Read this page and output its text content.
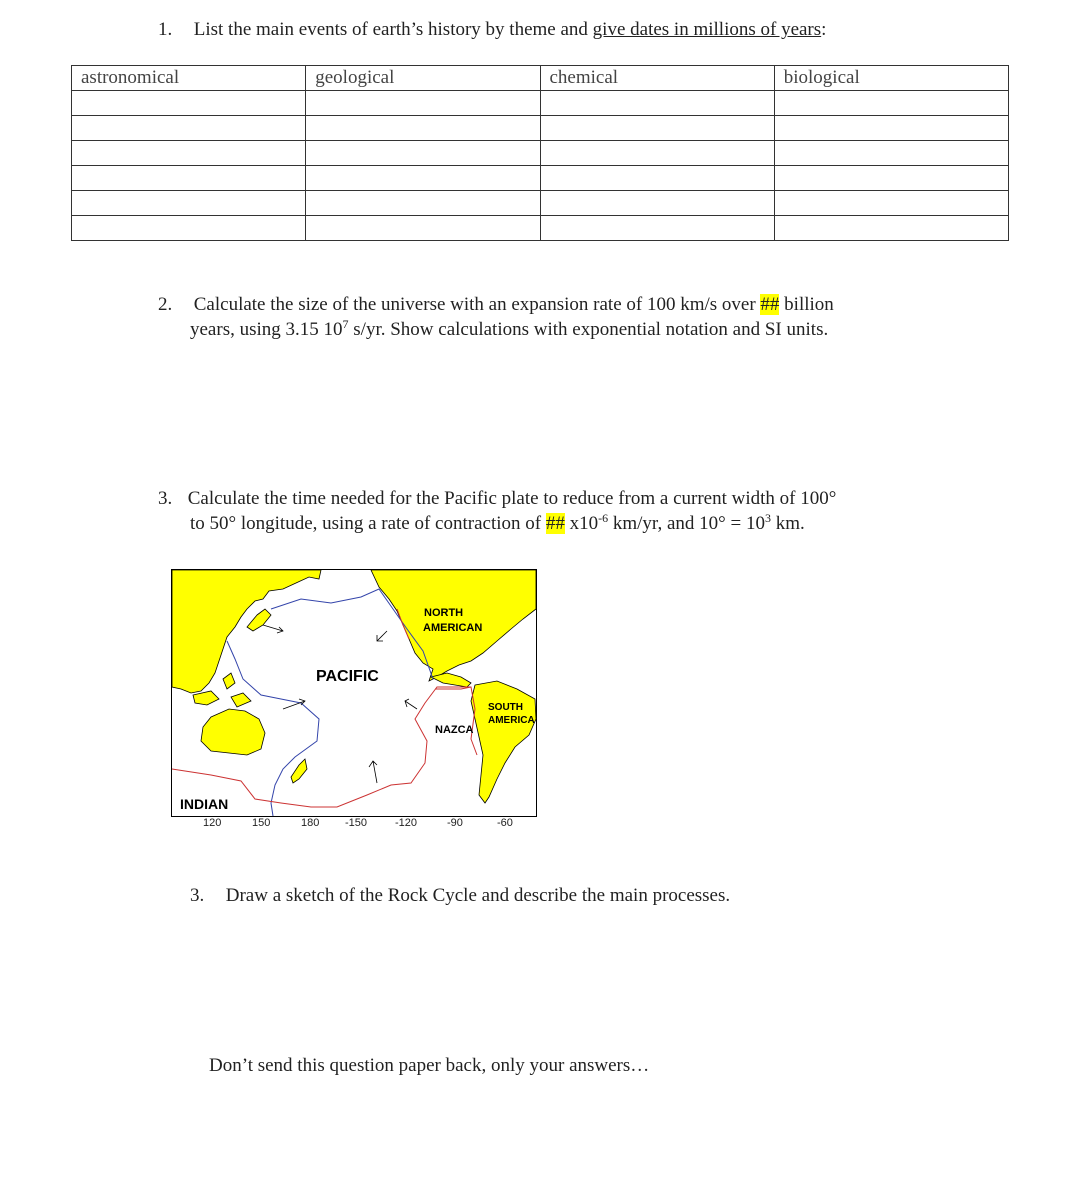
1. List the main events of earth’s history by theme and give dates in millions of years:
astronomical	geological	chemical	biological

2. Calculate the size of the universe with an expansion rate of 100 km/s over ## billion
years, using 3.15 $10^7$ s/yr. Show calculations with exponential notation and SI units.
3. Calculate the time needed for the Pacific plate to reduce from a current width of 100°
to 50° longitude, using a rate of contraction of ## $x10^{-6}$ km/yr, and $10^\circ = 10^3$ km.
NORTH
AMERICAN
PACIFIC
SOUTH
AMERICA
NAZCA
INDIAN
120	150	180 -150	-120	-90	-60
3. Draw a sketch of the Rock Cycle and describe the main processes.
Don’t send this question paper back, only your answers…
